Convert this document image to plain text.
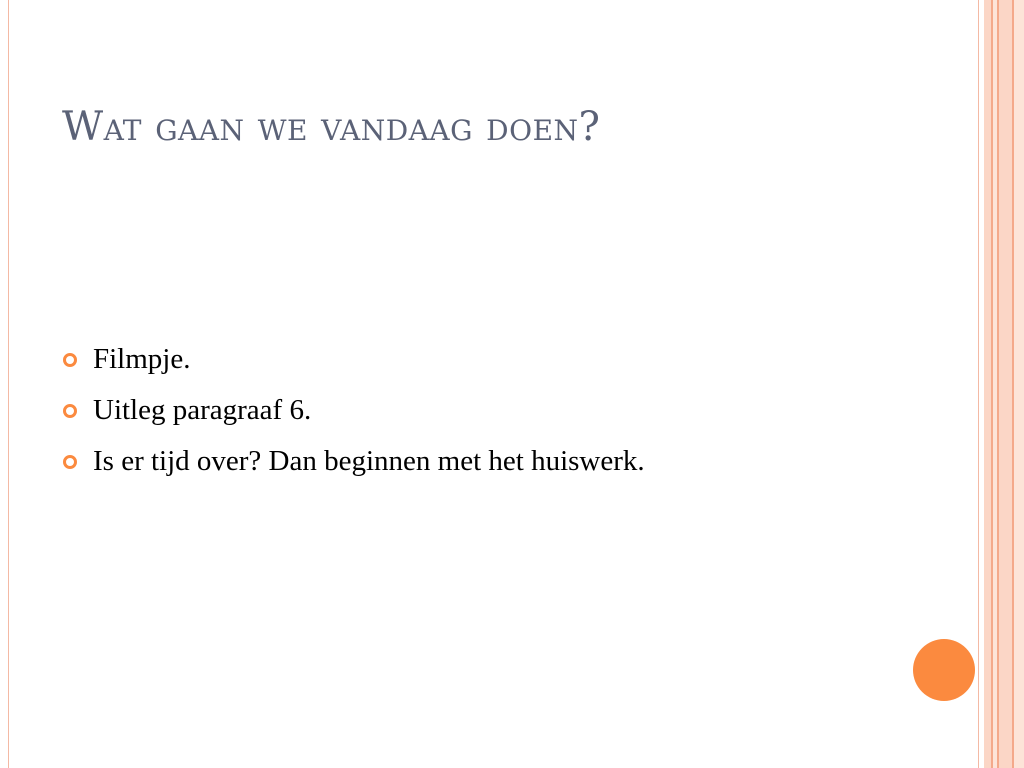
Wat gaan we vandaag doen?
Filmpje.
Uitleg paragraaf 6.
Is er tijd over? Dan beginnen met het huiswerk.
